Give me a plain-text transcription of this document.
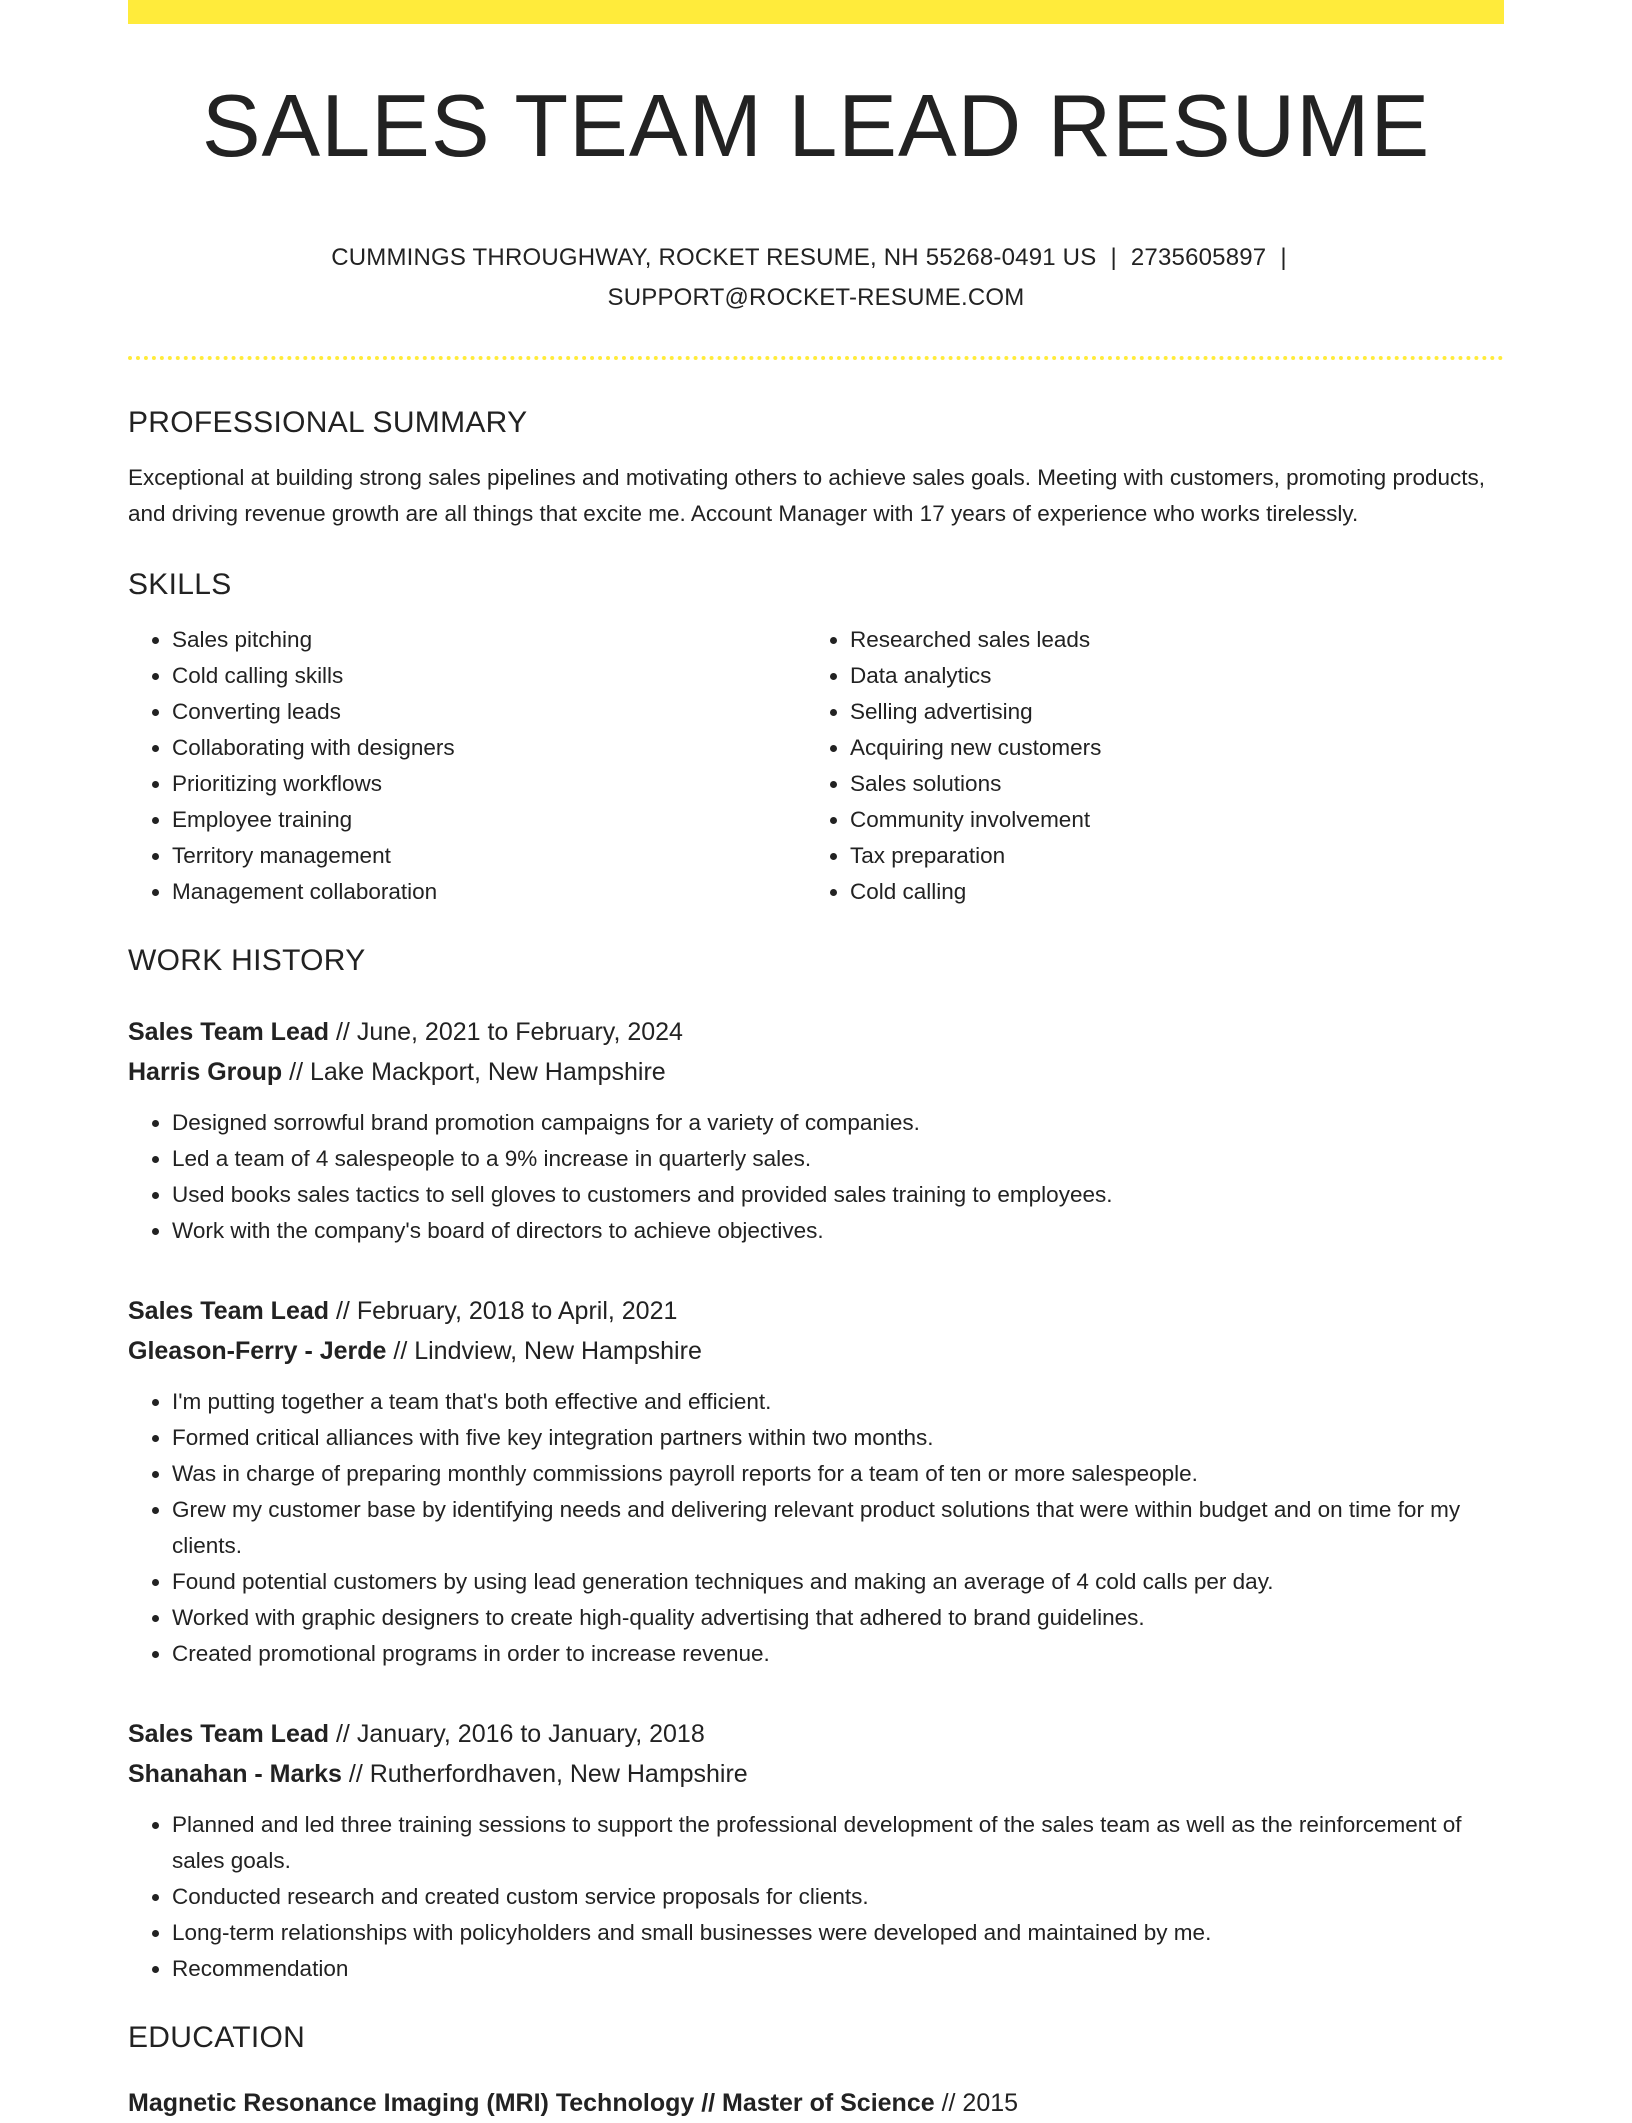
SALES TEAM LEAD RESUME
CUMMINGS THROUGHWAY, ROCKET RESUME, NH 55268-0491 US | 2735605897 |
SUPPORT@ROCKET-RESUME.COM
PROFESSIONAL SUMMARY

Exceptional at building strong sales pipelines and motivating others to achieve sales goals. Meeting with customers, promoting products, and driving revenue growth are all things that excite me. Account Manager with 17 years of experience who works tirelessly.

SKILLS
• Sales pitching
• Cold calling skills
• Converting leads
• Collaborating with designers
• Prioritizing workflows
• Employee training
• Territory management
• Management collaboration
• Researched sales leads
• Data analytics
• Selling advertising
• Acquiring new customers
• Sales solutions
• Community involvement
• Tax preparation
• Cold calling
WORK HISTORY

Sales Team Lead // June, 2021 to February, 2024

Harris Group // Lake Mackport, New Hampshire

• Designed sorrowful brand promotion campaigns for a variety of companies.
• Led a team of 4 salespeople to a 9% increase in quarterly sales.
• Used books sales tactics to sell gloves to customers and provided sales training to employees.
• Work with the company's board of directors to achieve objectives.

Sales Team Lead // February, 2018 to April, 2021

Gleason-Ferry - Jerde // Lindview, New Hampshire

• I'm putting together a team that's both effective and efficient.
• Formed critical alliances with five key integration partners within two months.
• Was in charge of preparing monthly commissions payroll reports for a team of ten or more salespeople.
• Grew my customer base by identifying needs and delivering relevant product solutions that were within budget and on time for my clients.
• Found potential customers by using lead generation techniques and making an average of 4 cold calls per day.
• Worked with graphic designers to create high-quality advertising that adhered to brand guidelines.
• Created promotional programs in order to increase revenue.

Sales Team Lead // January, 2016 to January, 2018

Shanahan - Marks // Rutherfordhaven, New Hampshire

• Planned and led three training sessions to support the professional development of the sales team as well as the reinforcement of sales goals.
• Conducted research and created custom service proposals for clients.
• Long-term relationships with policyholders and small businesses were developed and maintained by me.
• Recommendation
EDUCATION

Magnetic Resonance Imaging (MRI) Technology // Master of Science // 2015
